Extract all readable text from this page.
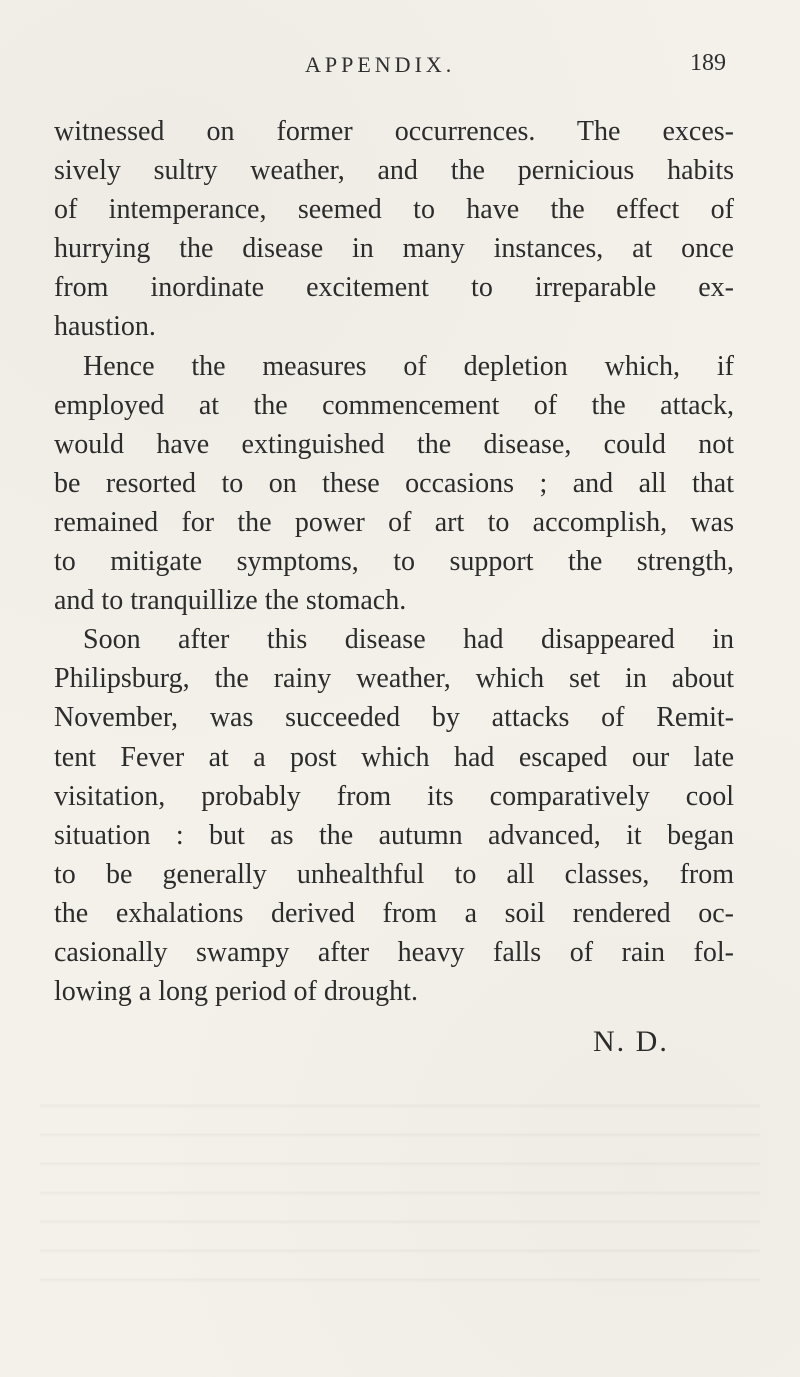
APPENDIX.	189
witnessed on former occurrences. The exces-
sively sultry weather, and the pernicious habits
of intemperance, seemed to have the effect of
hurrying the disease in many instances, at once
from inordinate excitement to irreparable ex-
haustion.
Hence the measures of depletion which, if
employed at the commencement of the attack,
would have extinguished the disease, could not
be resorted to on these occasions ; and all that
remained for the power of art to accomplish, was
to mitigate symptoms, to support the strength,
and to tranquillize the stomach.
Soon after this disease had disappeared in
Philipsburg, the rainy weather, which set in about
November, was succeeded by attacks of Remit-
tent Fever at a post which had escaped our late
visitation, probably from its comparatively cool
situation : but as the autumn advanced, it began
to be generally unhealthful to all classes, from
the exhalations derived from a soil rendered oc-
casionally swampy after heavy falls of rain fol-
lowing a long period of drought.
N. D.
